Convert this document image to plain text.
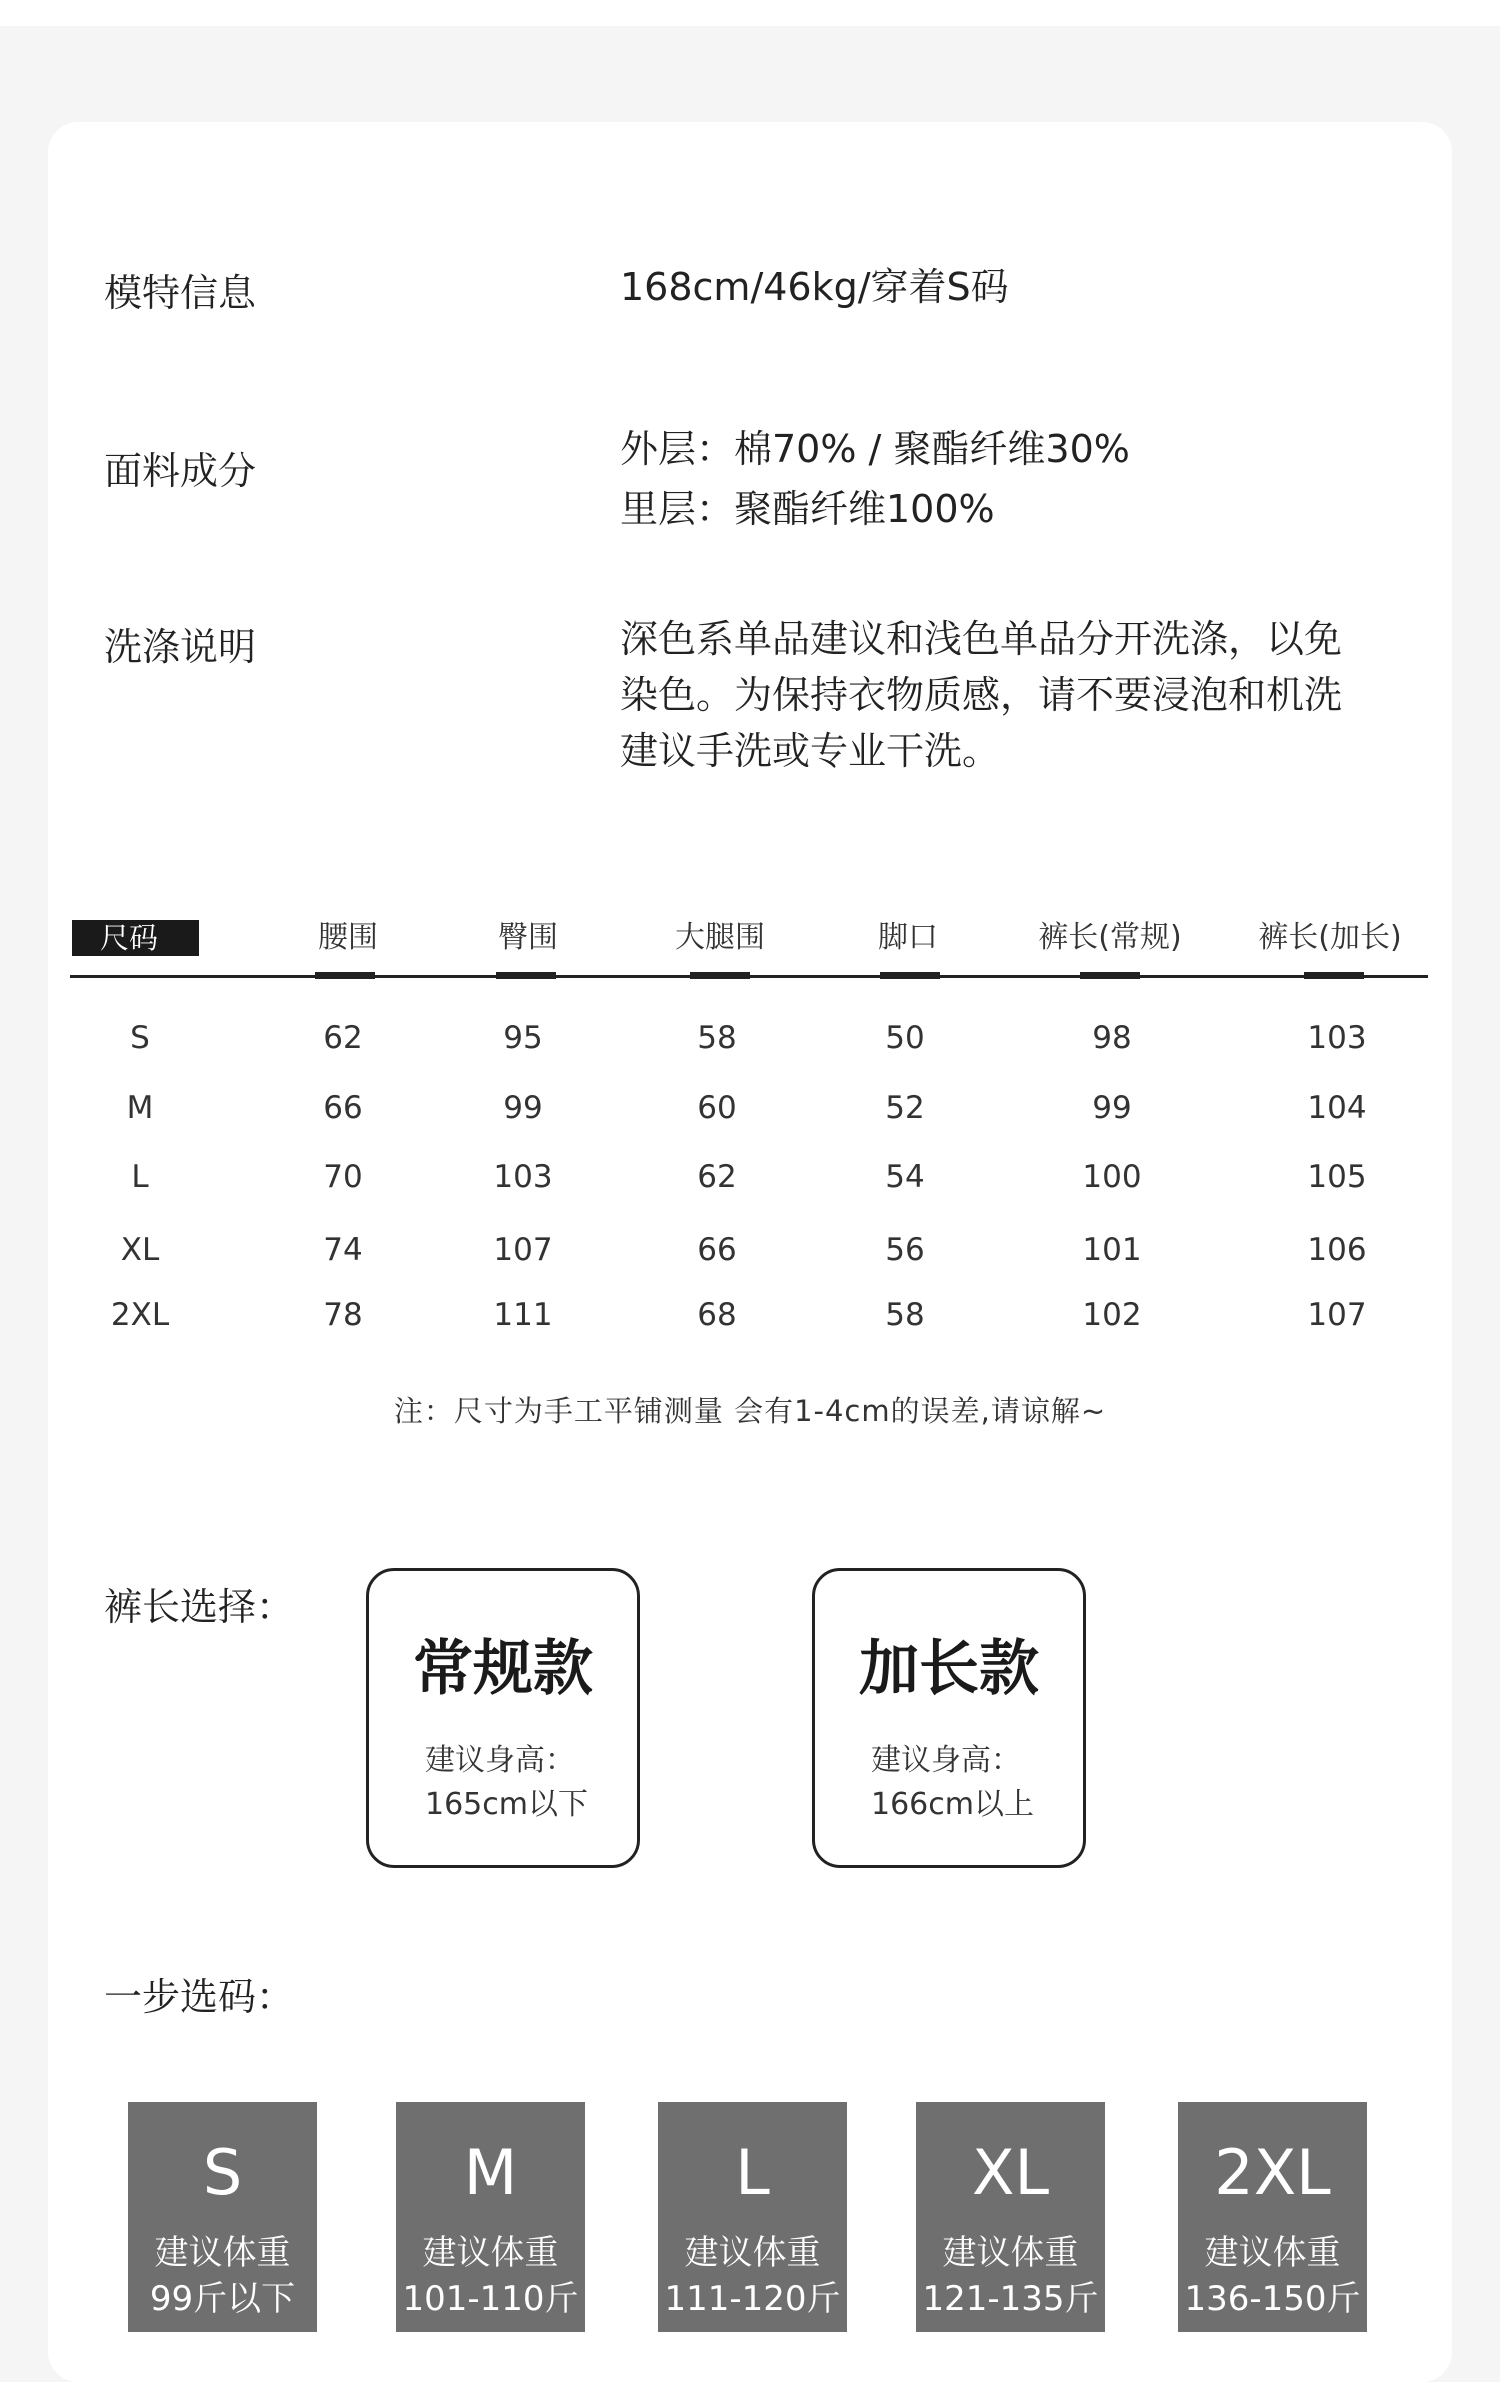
模特信息	168cm/46kg/穿着S码
面料成分	外层：棉70% / 聚酯纤维30%
里层：聚酯纤维100%
洗涤说明	深色系单品建议和浅色单品分开洗涤，以免
染色。为保持衣物质感，请不要浸泡和机洗
建议手洗或专业干洗。
尺码	腰围	臀围	大腿围	脚口	裤长(常规)	裤长(加长)
S	62	95	58	50	98	103
M	66	99	60	52	99	104
L	70	103	62	54	100	105
XL	74	107	66	56	101	106
2XL	78	111	68	58	102	107
注：尺寸为手工平铺测量 会有1-4cm的误差,请谅解~
裤长选择：
常规款
建议身高：
165cm以下
加长款
建议身高：
166cm以上
一步选码：
S
建议体重
99斤以下
M
建议体重
101-110斤
L
建议体重
111-120斤
XL
建议体重
121-135斤
2XL
建议体重
136-150斤
